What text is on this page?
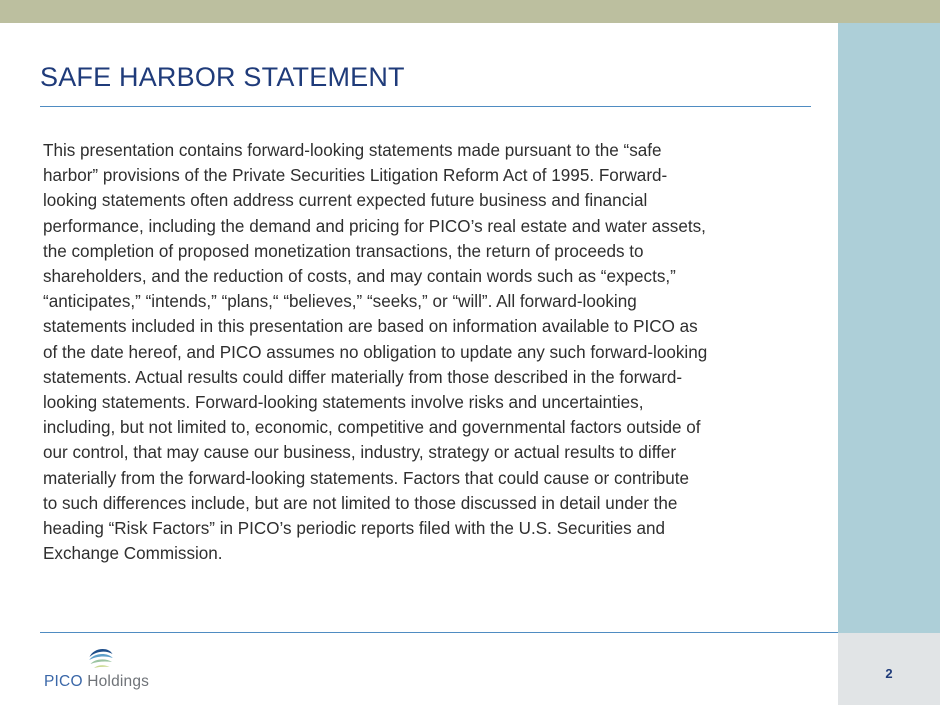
SAFE HARBOR STATEMENT
This presentation contains forward-looking statements made pursuant to the “safe
harbor” provisions of the Private Securities Litigation Reform Act of 1995. Forward-
looking statements often address current expected future business and financial
performance, including the demand and pricing for PICO’s real estate and water assets,
the completion of proposed monetization transactions, the return of proceeds to
shareholders, and the reduction of costs, and may contain words such as “expects,”
“anticipates,” “intends,” “plans,“ “believes,” “seeks,” or “will”. All forward-looking
statements included in this presentation are based on information available to PICO as
of the date hereof, and PICO assumes no obligation to update any such forward-looking
statements. Actual results could differ materially from those described in the forward-
looking statements. Forward-looking statements involve risks and uncertainties,
including, but not limited to, economic, competitive and governmental factors outside of
our control, that may cause our business, industry, strategy or actual results to differ
materially from the forward-looking statements. Factors that could cause or contribute
to such differences include, but are not limited to those discussed in detail under the
heading “Risk Factors” in PICO’s periodic reports filed with the U.S. Securities and
Exchange Commission.
PICO Holdings	2
